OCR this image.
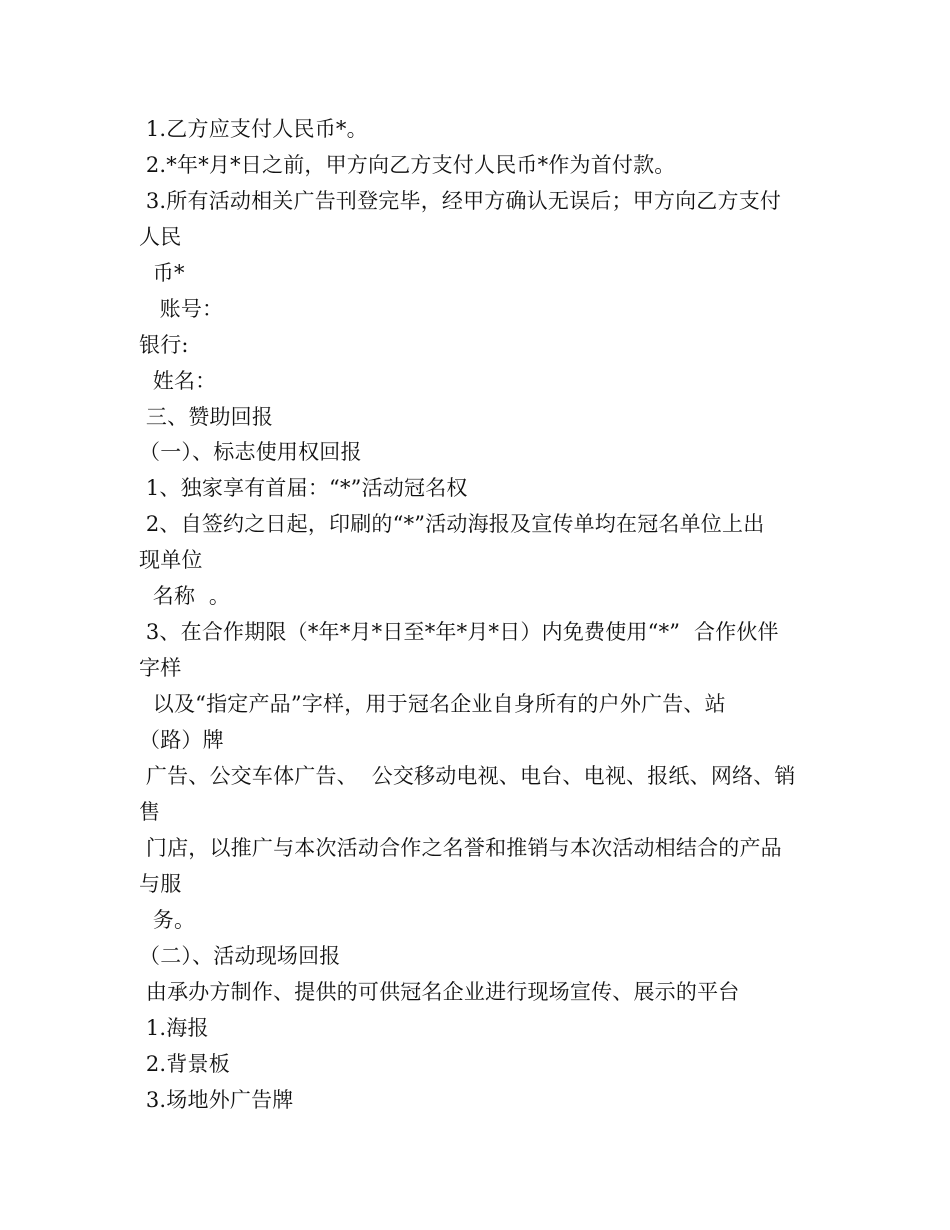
1.乙方应支付人民币*。
2.*年*月*日之前，甲方向乙方支付人民币*作为首付款。
3.所有活动相关广告刊登完毕，经甲方确认无误后；甲方向乙方支付
人民
币*
账号：
银行:
姓名：
三、赞助回报
（一）、标志使用权回报
1、独家享有首届：“*”活动冠名权
2、自签约之日起，印刷的“*”活动海报及宣传单均在冠名单位上出
现单位
名称  。
3、在合作期限（*年*月*日至*年*月*日）内免费使用“*”  合作伙伴
字样
以及“指定产品”字样，用于冠名企业自身所有的户外广告、站
（路）牌
广告、公交车体广告、  公交移动电视、电台、电视、报纸、网络、销
售
门店，以推广与本次活动合作之名誉和推销与本次活动相结合的产品
与服
务。
（二）、活动现场回报
由承办方制作、提供的可供冠名企业进行现场宣传、展示的平台
1.海报
2.背景板
3.场地外广告牌
